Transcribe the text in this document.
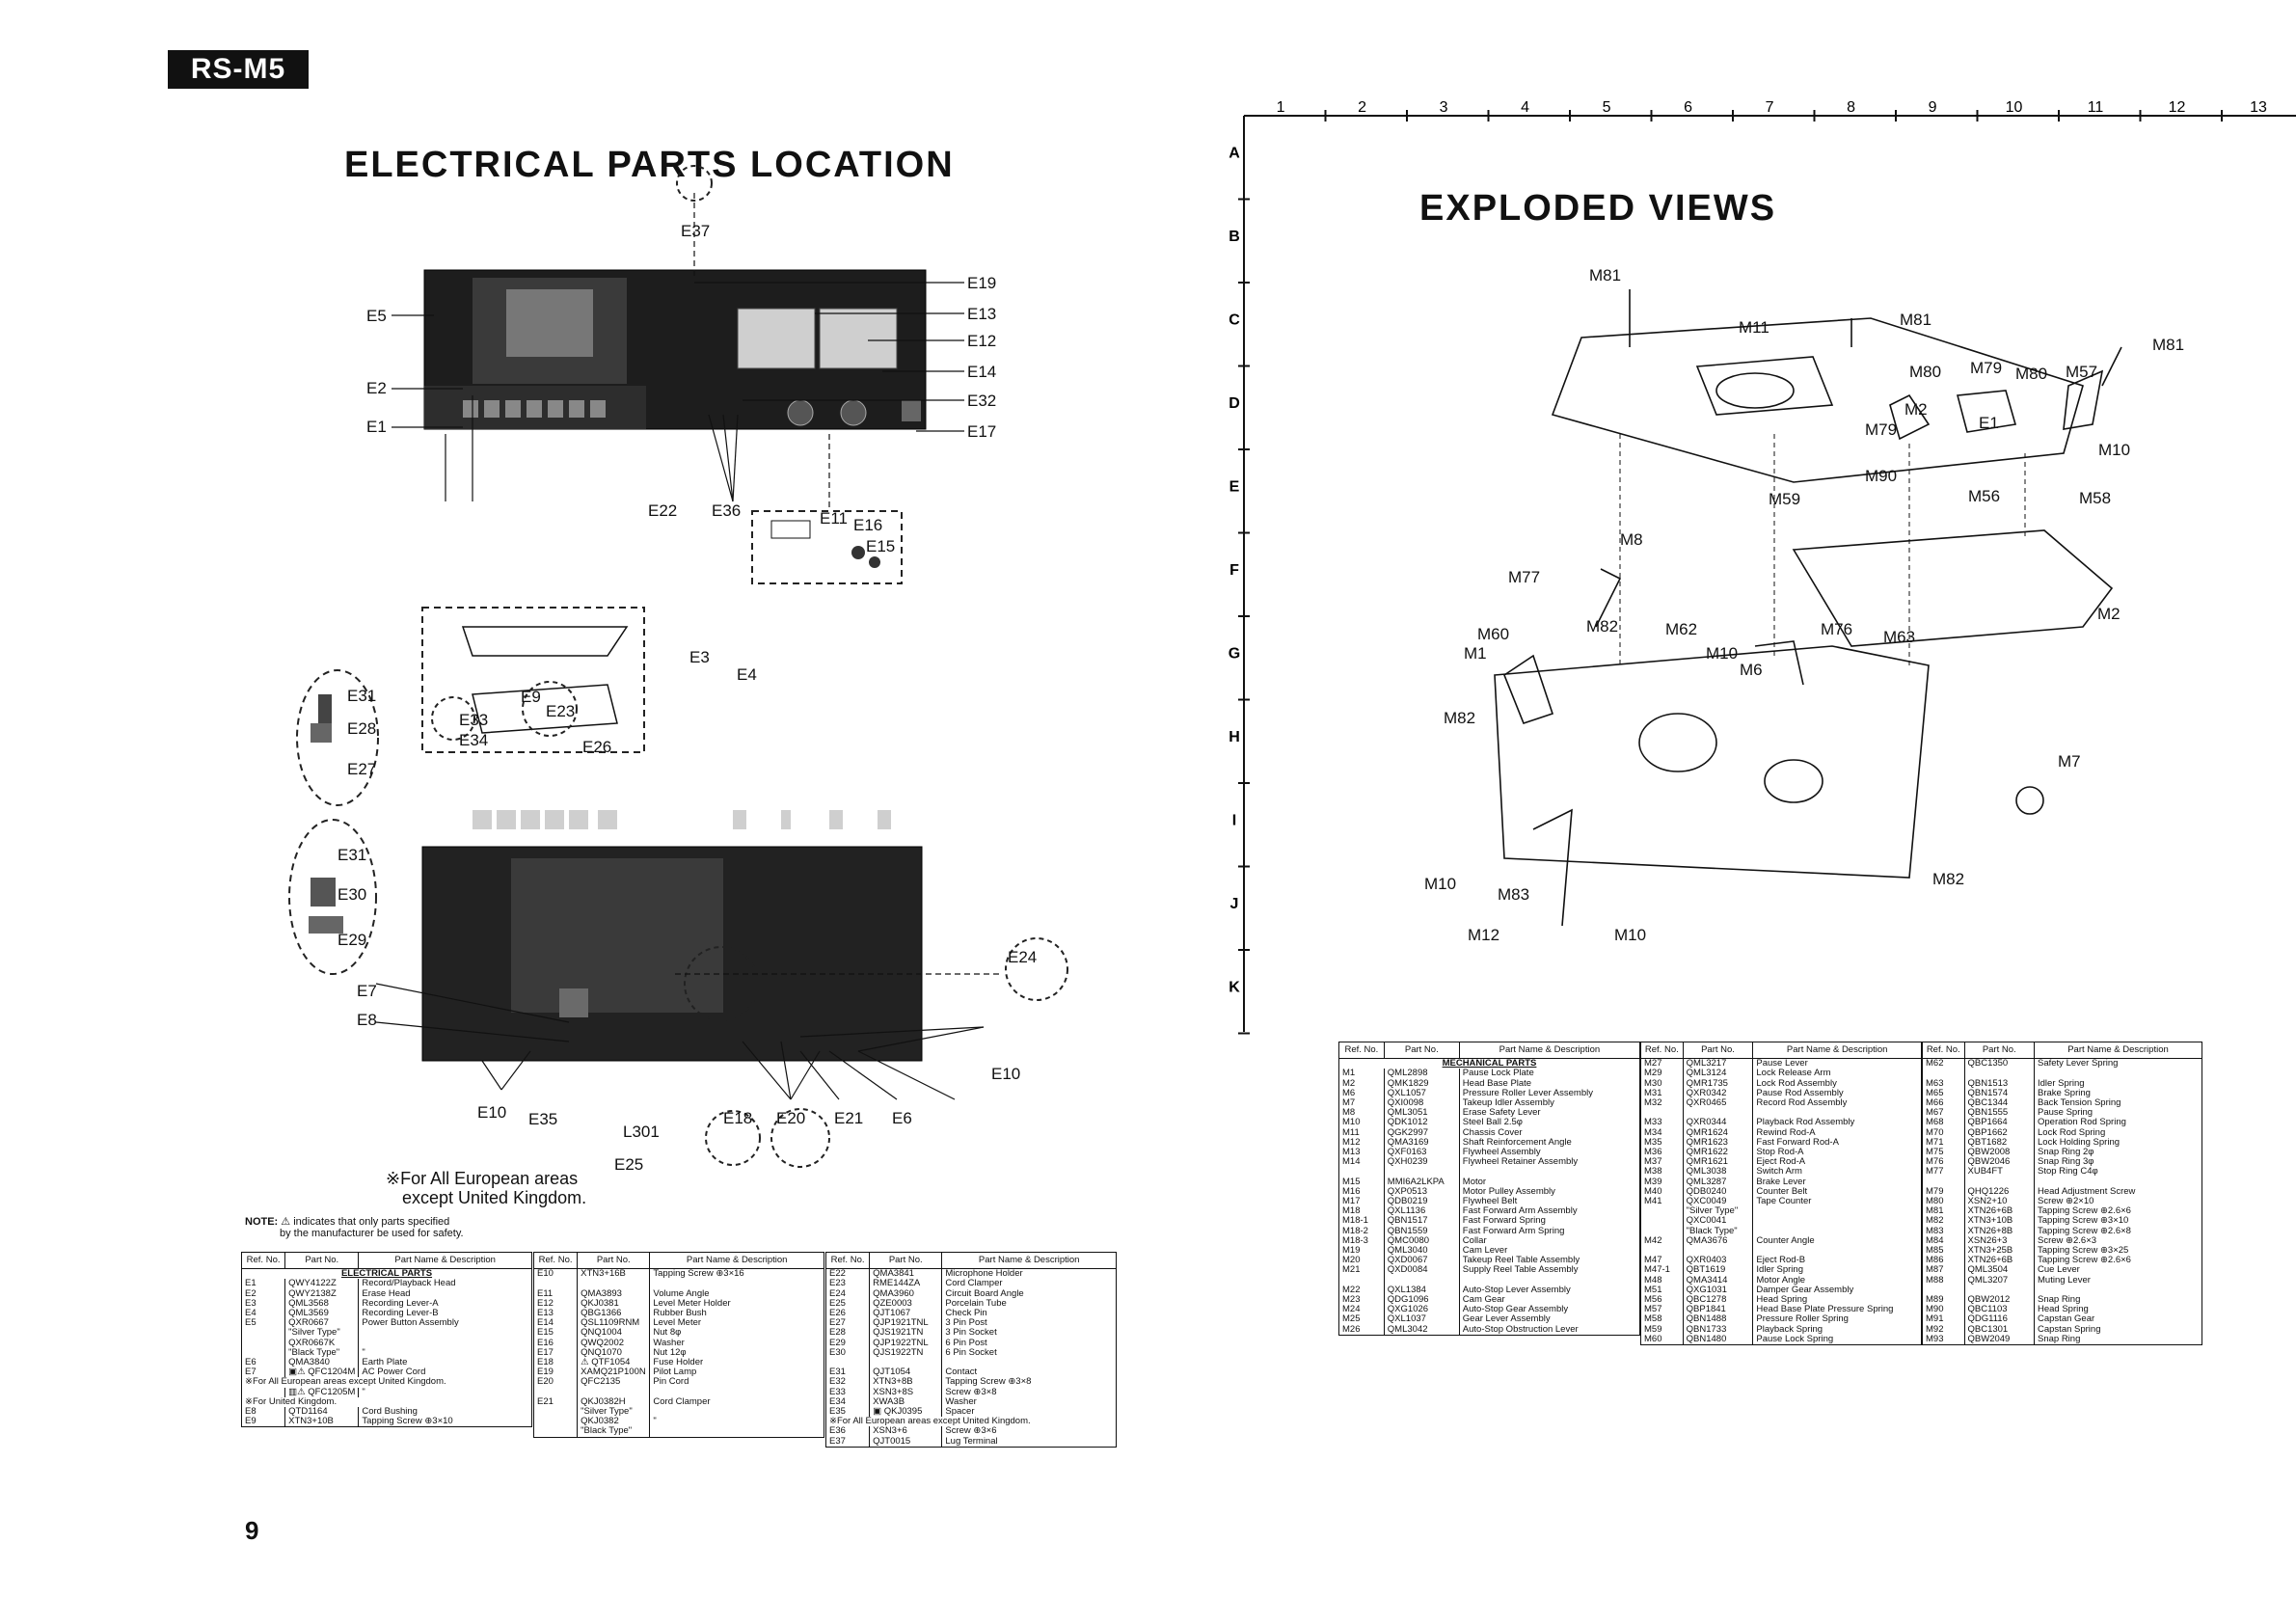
RS-M5
ELECTRICAL PARTS LOCATION
E37
E19
E13
E12
E14
E32
E17
E5
E2
E1
E22 E36	E11 E16
E15
E31
E28
E27
E33
E34
E9
E23
E26
E3
E4
E31
E30
E29
E24
E7
E8
E10 E35
L301
E25
E18 E20 E21 E6
E10
※For All European areas
except United Kingdom.
NOTE: ⚠ indicates that only parts specified
by the manufacturer be used for safety.
Ref. No.	Part No.	Part Name & Description
ELECTRICAL PARTS		
E1	QWY4122Z	Record/Playback Head
E2	QWY2138Z	Erase Head
E3	QML3568	Recording Lever-A
E4	QML3569	Recording Lever-B
E5	QXR0667	Power Button Assembly
	"Silver Type"	
	QXR0667K	
	"Black Type"	"
E6	QMA3840	Earth Plate
E7	▣⚠ QFC1204M	AC Power Cord
※For All European areas except United Kingdom.		
	▥⚠ QFC1205M	"
※For United Kingdom.		
E8	QTD1164	Cord Bushing
E9	XTN3+10B	Tapping Screw ⊕3×10
Ref. No.	Part No.	Part Name & Description
E10	XTN3+16B	Tapping Screw ⊕3×16

E11	QMA3893	Volume Angle
E12	QKJ0381	Level Meter Holder
E13	QBG1366	Rubber Bush
E14	QSL1109RNM	Level Meter
E15	QNQ1004	Nut 8φ
E16	QWQ2002	Washer
E17	QNQ1070	Nut 12φ
E18	⚠ QTF1054	Fuse Holder
E19	XAMQ21P100N	Pilot Lamp
E20	QFC2135	Pin Cord

E21	QKJ0382H	Cord Clamper
	"Silver Type"	
	QKJ0382	"
	"Black Type"	
Ref. No.	Part No.	Part Name & Description
E22	QMA3841	Microphone Holder
E23	RME144ZA	Cord Clamper
E24	QMA3960	Circuit Board Angle
E25	QZE0003	Porcelain Tube
E26	QJT1067	Check Pin
E27	QJP1921TNL	3 Pin Post
E28	QJS1921TN	3 Pin Socket
E29	QJP1922TNL	6 Pin Post
E30	QJS1922TN	6 Pin Socket

E31	QJT1054	Contact
E32	XTN3+8B	Tapping Screw ⊕3×8
E33	XSN3+8S	Screw ⊕3×8
E34	XWA3B	Washer
E35	▣ QKJ0395	Spacer
※For All European areas except United Kingdom.		
E36	XSN3+6	Screw ⊕3×6
E37	QJT0015	Lug Terminal
9
1	2	3	4	5	6	7	8	9	10	11	12	13
A
B
C
D
E
F
G
H
I
J
K
EXPLODED VIEWS
M81
M11	M81
M81
M80 M79 M80 M57
M2
M79	E1
M10
M90
M56	M58
M59
M8
M77
M60	M82	M62	M76 M63
M2
M1	M10
M6
M82
M7
M10
M83
M82
M12	M10
Ref. No.	Part No.	Part Name & Description
MECHANICAL PARTS		
M1	QML2898	Pause Lock Plate
M2	QMK1829	Head Base Plate
M6	QXL1057	Pressure Roller Lever Assembly
M7	QXI0098	Takeup Idler Assembly
M8	QML3051	Erase Safety Lever
M10	QDK1012	Steel Ball 2.5φ
M11	QGK2997	Chassis Cover
M12	QMA3169	Shaft Reinforcement Angle
M13	QXF0163	Flywheel Assembly
M14	QXH0239	Flywheel Retainer Assembly

M15	MMI6A2LKPA	Motor
M16	QXP0513	Motor Pulley Assembly
M17	QDB0219	Flywheel Belt
M18	QXL1136	Fast Forward Arm Assembly
M18-1	QBN1517	Fast Forward Spring
M18-2	QBN1559	Fast Forward Arm Spring
M18-3	QMC0080	Collar
M19	QML3040	Cam Lever
M20	QXD0067	Takeup Reel Table Assembly
M21	QXD0084	Supply Reel Table Assembly

M22	QXL1384	Auto-Stop Lever Assembly
M23	QDG1096	Cam Gear
M24	QXG1026	Auto-Stop Gear Assembly
M25	QXL1037	Gear Lever Assembly
M26	QML3042	Auto-Stop Obstruction Lever
Ref. No.	Part No.	Part Name & Description
M27	QML3217	Pause Lever
M29	QML3124	Lock Release Arm
M30	QMR1735	Lock Rod Assembly
M31	QXR0342	Pause Rod Assembly
M32	QXR0465	Record Rod Assembly

M33	QXR0344	Playback Rod Assembly
M34	QMR1624	Rewind Rod-A
M35	QMR1623	Fast Forward Rod-A
M36	QMR1622	Stop Rod-A
M37	QMR1621	Eject Rod-A
M38	QML3038	Switch Arm
M39	QML3287	Brake Lever
M40	QDB0240	Counter Belt
M41	QXC0049	Tape Counter
	"Silver Type"	
	QXC0041	
	"Black Type"	
M42	QMA3676	Counter Angle

M47	QXR0403	Eject Rod-B
M47-1	QBT1619	Idler Spring
M48	QMA3414	Motor Angle
M51	QXG1031	Damper Gear Assembly
M56	QBC1278	Head Spring
M57	QBP1841	Head Base Plate Pressure Spring
M58	QBN1488	Pressure Roller Spring
M59	QBN1733	Playback Spring
M60	QBN1480	Pause Lock Spring
Ref. No.	Part No.	Part Name & Description
M62	QBC1350	Safety Lever Spring

M63	QBN1513	Idler Spring
M65	QBN1574	Brake Spring
M66	QBC1344	Back Tension Spring
M67	QBN1555	Pause Spring
M68	QBP1664	Operation Rod Spring
M70	QBP1662	Lock Rod Spring
M71	QBT1682	Lock Holding Spring
M75	QBW2008	Snap Ring 2φ
M76	QBW2046	Snap Ring 3φ
M77	XUB4FT	Stop Ring C4φ

M79	QHQ1226	Head Adjustment Screw
M80	XSN2+10	Screw ⊕2×10
M81	XTN26+6B	Tapping Screw ⊕2.6×6
M82	XTN3+10B	Tapping Screw ⊕3×10
M83	XTN26+8B	Tapping Screw ⊕2.6×8
M84	XSN26+3	Screw ⊕2.6×3
M85	XTN3+25B	Tapping Screw ⊕3×25
M86	XTN26+6B	Tapping Screw ⊕2.6×6
M87	QML3504	Cue Lever
M88	QML3207	Muting Lever

M89	QBW2012	Snap Ring
M90	QBC1103	Head Spring
M91	QDG1116	Capstan Gear
M92	QBC1301	Capstan Spring
M93	QBW2049	Snap Ring
